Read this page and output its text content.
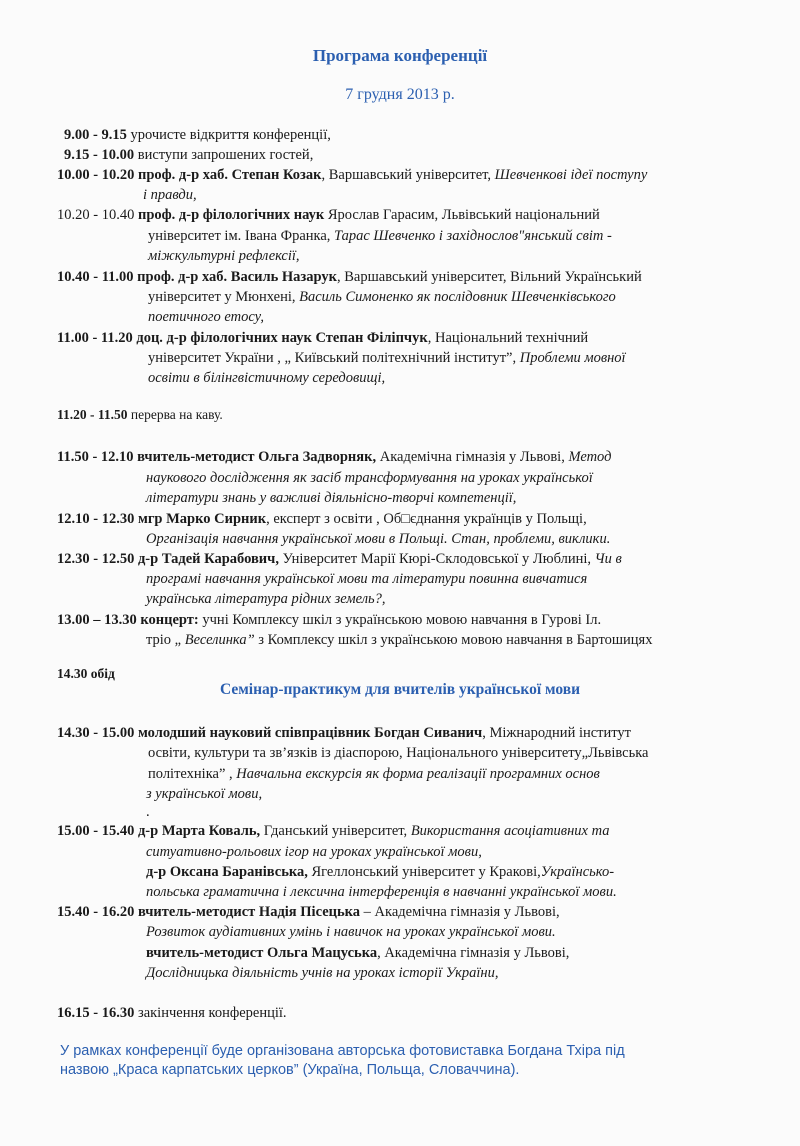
Програма конференції
7 грудня 2013 р.
9.00 - 9.15 урочисте відкриття конференції,
9.15 - 10.00 виступи запрошених гостей,
10.00 - 10.20 проф. д-р хаб. Степан Козак, Варшавський університет, Шевченкові ідеї поступу
і правди,
10.20 - 10.40 проф. д-р філологічних наук Ярослав Гарасим, Львівський національний
університет ім. Івана Франка, Тарас Шевченко і західнослов"янський світ -
міжкультурні рефлексії,
10.40 - 11.00 проф. д-р хаб. Василь Назарук, Варшавський університет, Вільний Український
університет у Мюнхені, Василь Симоненко як послідовник Шевченківського
поетичного етосу,
11.00 - 11.20 доц. д-р філологічних наук Степан Філіпчук, Національний технічний
університет України , „ Київський політехнічний інститут”, Проблеми мовної
освіти в білінгвістичному середовищі,
11.20 - 11.50 перерва на каву.
11.50 - 12.10 вчитель-методист Ольга Задворняк, Академічна гімназія у Львові, Метод
наукового дослідження як засіб трансформування на уроках української
літератури знань у важливі діяльнісно-творчі компетенції,
12.10 - 12.30 мгр Марко Сирник, експерт з освіти , Об□єднання українців у Польщі,
Організація навчання української мови в Польщі. Стан, проблеми, виклики.
12.30 - 12.50 д-р Тадей Карабович, Університет Марії Кюрі-Склодовської у Люблині, Чи в
програмі навчання української мови та літератури повинна вивчатися
українська література рідних земель?,
13.00 – 13.30 концерт: учні Комплексу шкіл з українською мовою навчання в Гурові Іл.
тріо „ Веселинка” з Комплексу шкіл з українською мовою навчання в Бартошицях
14.30 обід
Семінар-практикум для вчителів української мови
14.30 - 15.00 молодший науковий співпрацівник Богдан Сиванич, Міжнародний інститут
освіти, культури та зв’язків із діаспорою, Національного університету„Львівська
політехніка” , Навчальна екскурсія як форма реалізації програмних основ
з української мови,
.
15.00 - 15.40 д-р Марта Коваль, Гданський університет, Використання асоціативних та
ситуативно-рольових ігор на уроках української мови,
д-р Оксана Баранівська, Ягеллонський університет у Кракові,Українсько-
польська граматична і лексична інтерференція в навчанні української мови.
15.40 - 16.20 вчитель-методист Надія Пісецька – Академічна гімназія у Львові,
Розвиток аудіативних умінь і навичок на уроках української мови.
вчитель-методист Ольга Мацуська, Академічна гімназія у Львові,
Дослідницька діяльність учнів на уроках історії України,
16.15 - 16.30 закінчення конференції.
У рамках конференції буде організована авторська фотовиставка Богдана Тхіра під
назвою „Краса карпатських церков” (Україна, Польща, Словаччина).
